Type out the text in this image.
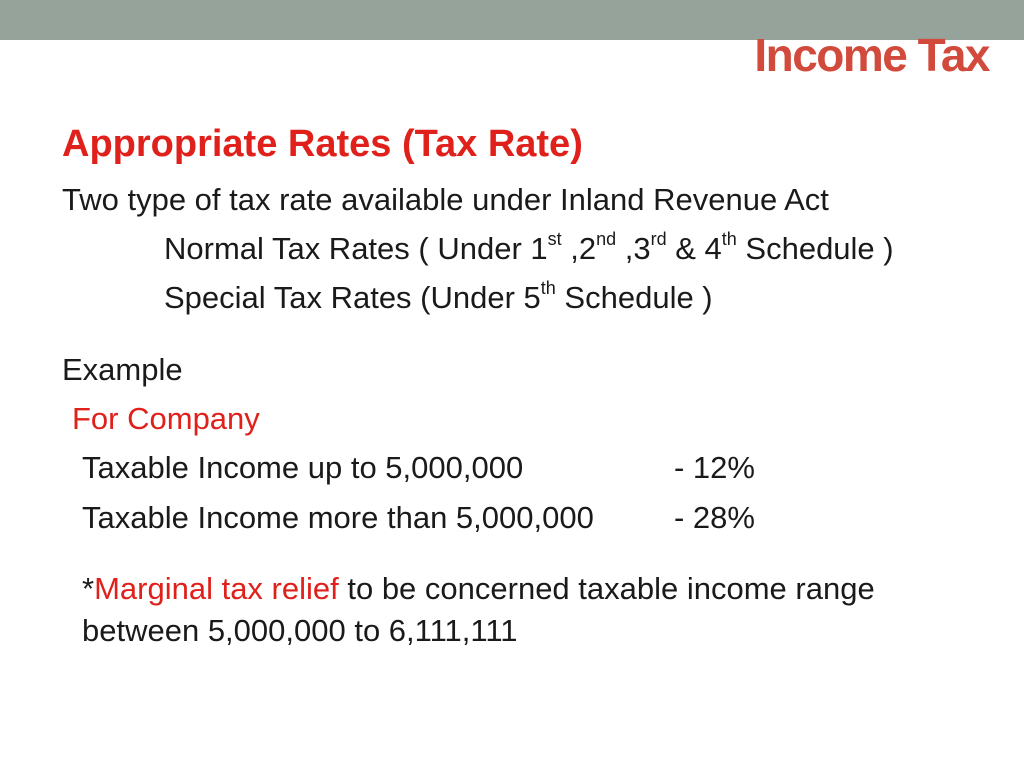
Income Tax
Appropriate Rates (Tax Rate)
Two type of tax rate available under Inland Revenue Act
Normal Tax Rates ( Under 1st ,2nd ,3rd & 4th Schedule )
Special Tax Rates (Under 5th Schedule )
Example
For Company
Taxable Income up to 5,000,000	- 12%
Taxable Income more than 5,000,000	- 28%
*Marginal tax relief to be concerned taxable income range
between 5,000,000 to 6,111,111
